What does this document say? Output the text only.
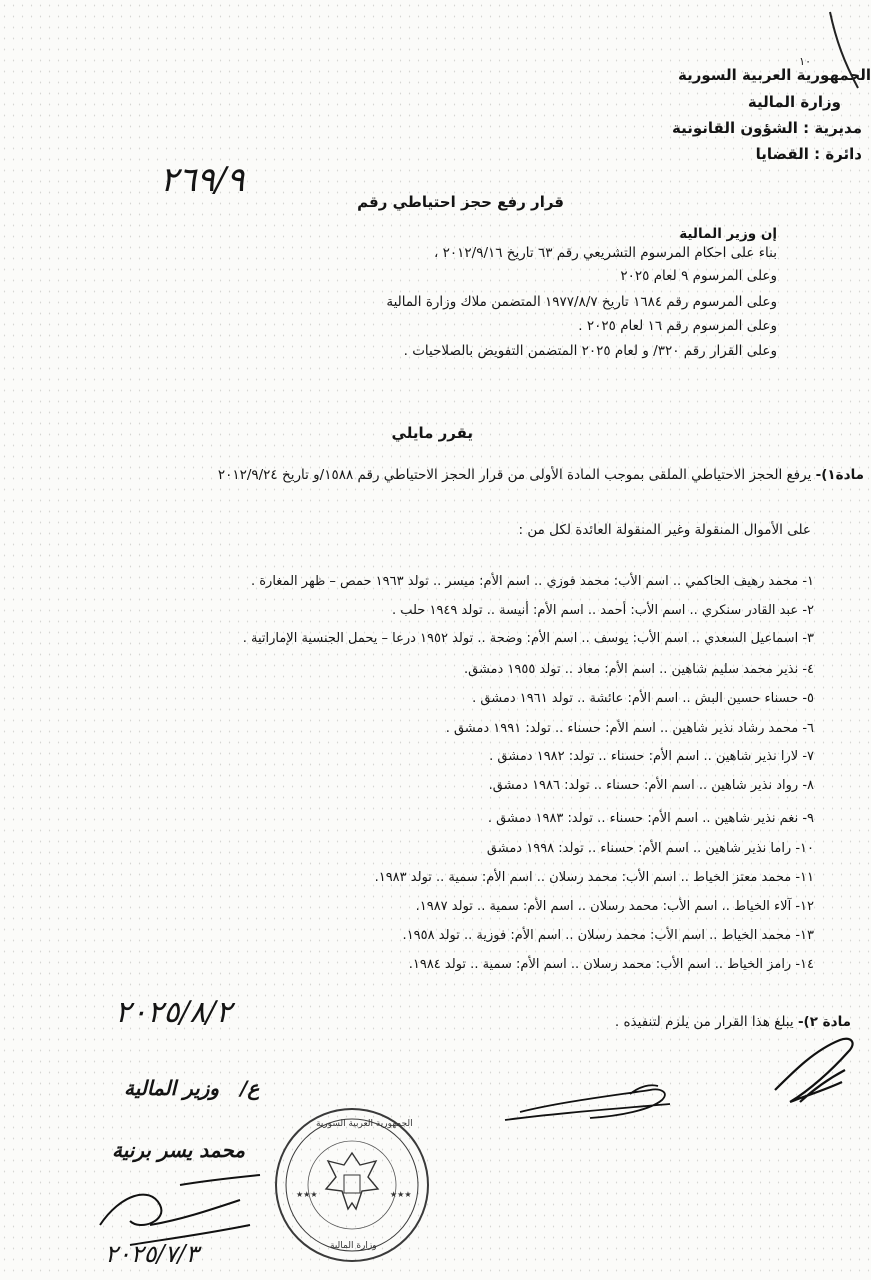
١٠
الجمهورية العربية السورية
وزارة المالية
مديرية : الشؤون القانونية
دائرة : القضايا
قرار رفع حجز احتياطي رقم
٢٦٩/٩
إن وزير المالية
بناء على احكام المرسوم التشريعي رقم ٦٣ تاريخ ٢٠١٢/٩/١٦ ،
وعلى المرسوم ٩ لعام ٢٠٢٥
وعلى المرسوم رقم ١٦٨٤ تاريخ ١٩٧٧/٨/٧ المتضمن ملاك وزارة المالية
وعلى المرسوم رقم ١٦ لعام ٢٠٢٥ .
وعلى القرار رقم ٣٢٠/ و لعام ٢٠٢٥ المتضمن التفويض بالصلاحيات .
يقرر مايلي
مادة١)- يرفع الحجز الاحتياطي الملقى بموجب المادة الأولى من قرار الحجز الاحتياطي رقم ١٥٨٨/و تاريخ ٢٠١٢/٩/٢٤
على الأموال المنقولة وغير المنقولة العائدة لكل من :
١- محمد رهيف الحاكمي .. اسم الأب: محمد فوزي .. اسم الأم: ميسر .. تولد ١٩٦٣ حمص – ظهر المغارة .
٢- عبد القادر سنكري .. اسم الأب: أحمد .. اسم الأم: أنيسة .. تولد ١٩٤٩ حلب .
٣- اسماعيل السعدي .. اسم الأب: يوسف .. اسم الأم: وضحة .. تولد ١٩٥٢ درعا – يحمل الجنسية الإماراتية .
٤- نذير محمد سليم شاهين .. اسم الأم: معاد .. تولد ١٩٥٥ دمشق.
٥- حسناء حسين البش .. اسم الأم: عائشة .. تولد ١٩٦١ دمشق .
٦- محمد رشاد نذير شاهين .. اسم الأم: حسناء .. تولد: ١٩٩١ دمشق .
٧- لارا نذير شاهين .. اسم الأم: حسناء .. تولد: ١٩٨٢ دمشق .
٨- رواد نذير شاهين .. اسم الأم: حسناء .. تولد: ١٩٨٦ دمشق.
٩- نغم نذير شاهين .. اسم الأم: حسناء .. تولد: ١٩٨٣ دمشق .
١٠- راما نذير شاهين .. اسم الأم: حسناء .. تولد: ١٩٩٨ دمشق
١١- محمد معتز الخياط .. اسم الأب: محمد رسلان .. اسم الأم: سمية .. تولد ١٩٨٣.
١٢- آلاء الخياط .. اسم الأب: محمد رسلان .. اسم الأم: سمية .. تولد ١٩٨٧.
١٣- محمد الخياط .. اسم الأب: محمد رسلان .. اسم الأم: فوزية .. تولد ١٩٥٨.
١٤- رامز الخياط .. اسم الأب: محمد رسلان .. اسم الأم: سمية .. تولد ١٩٨٤.
٢٠٢٥/٨/٢	مادة ٢)- يبلغ هذا القرار من يلزم لتنفيذه .
ع/ وزير المالية
محمد يسر برنية
٢٠٢٥/٧/٣
★★★	★★★
الجمهورية العربية السورية
وزارة المالية
